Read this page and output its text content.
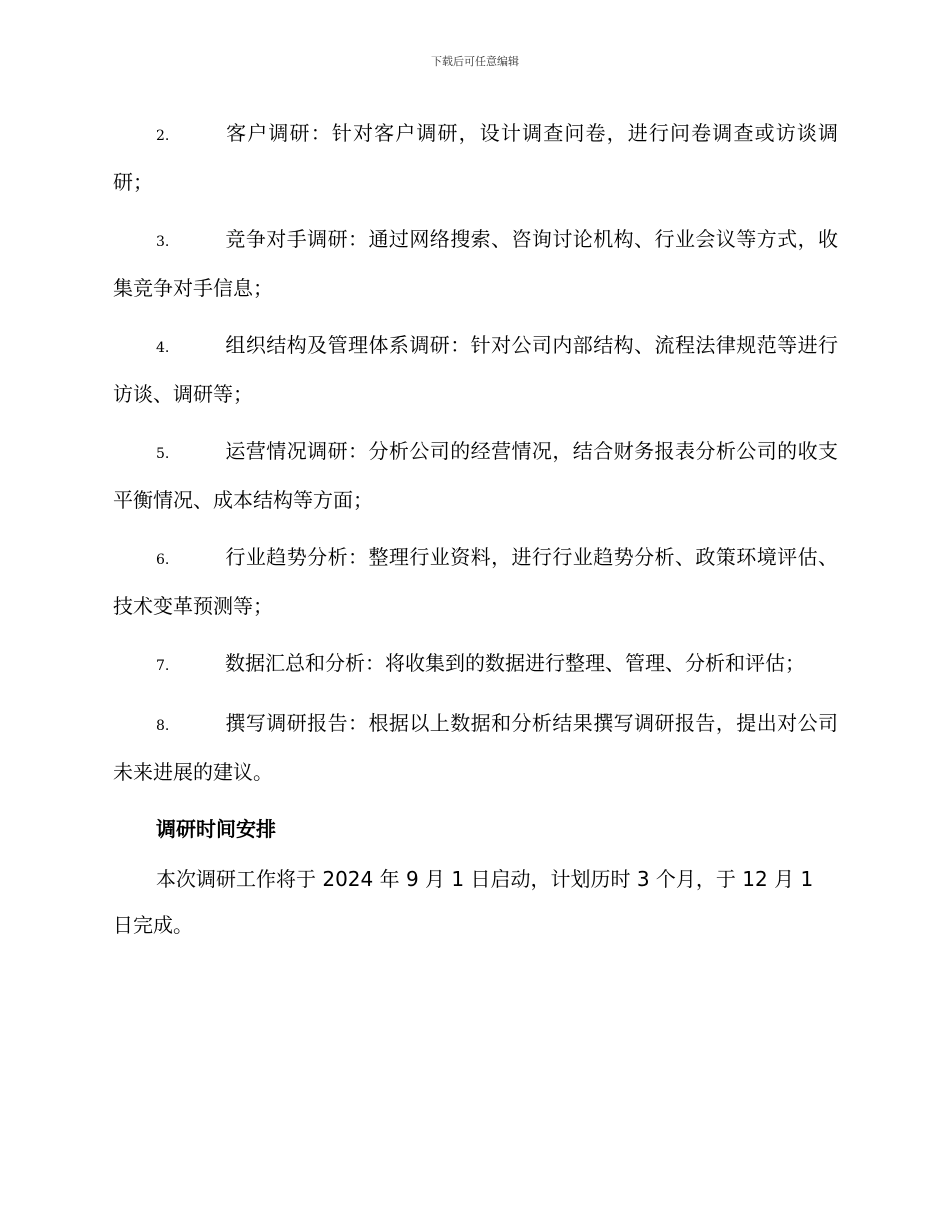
下载后可任意编辑

2.	客户调研：针对客户调研，设计调查问卷，进行问卷调查或访谈调研；

3.	竞争对手调研：通过网络搜索、咨询讨论机构、行业会议等方式，收集竞争对手信息；

4.	组织结构及管理体系调研：针对公司内部结构、流程法律规范等进行访谈、调研等；

5.	运营情况调研：分析公司的经营情况，结合财务报表分析公司的收支平衡情况、成本结构等方面；

6.	行业趋势分析：整理行业资料，进行行业趋势分析、政策环境评估、技术变革预测等；

7.	数据汇总和分析：将收集到的数据进行整理、管理、分析和评估；

8.	撰写调研报告：根据以上数据和分析结果撰写调研报告，提出对公司未来进展的建议。

调研时间安排

本次调研工作将于 2024 年 9 月 1 日启动，计划历时 3 个月，于 12 月 1 日完成。
